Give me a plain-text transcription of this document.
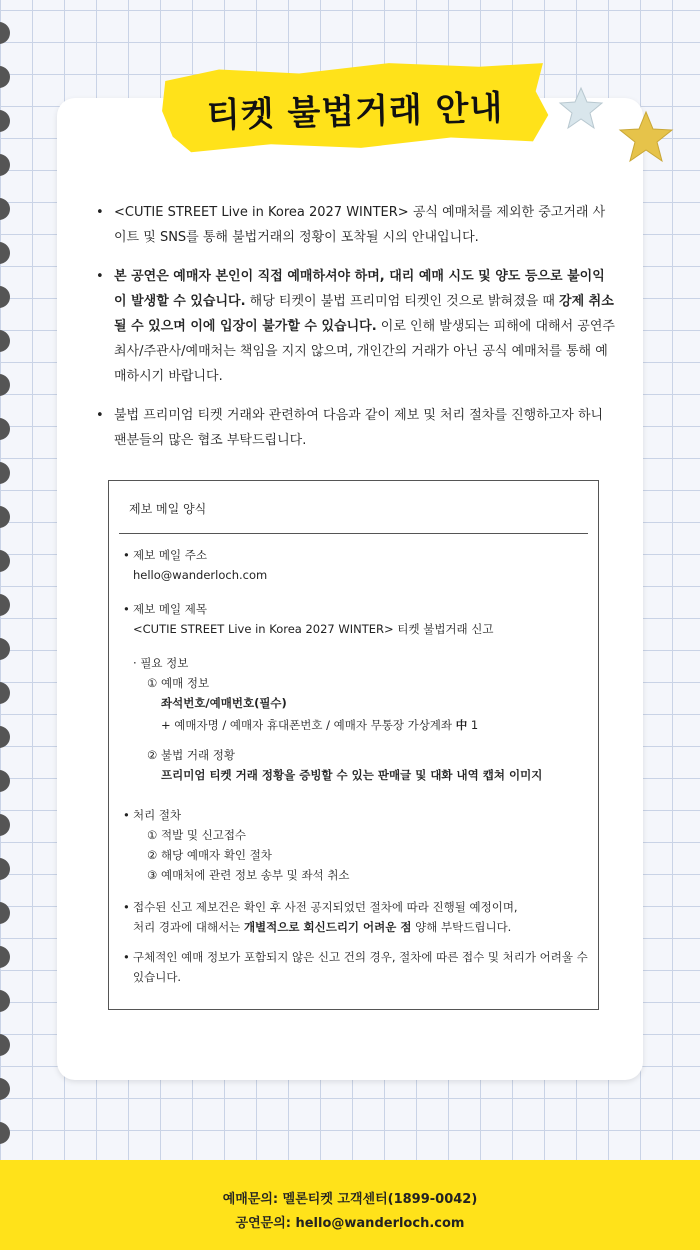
티켓 불법거래 안내

• <CUTIE STREET Live in Korea 2027 WINTER> 공식 예매처를 제외한 중고거래 사이트 및 SNS를 통해 불법거래의 정황이 포착될 시의 안내입니다.

• 본 공연은 예매자 본인이 직접 예매하셔야 하며, 대리 예매 시도 및 양도 등으로 불이익이 발생할 수 있습니다. 해당 티켓이 불법 프리미엄 티켓인 것으로 밝혀졌을 때 강제 취소될 수 있으며 이에 입장이 불가할 수 있습니다. 이로 인해 발생되는 피해에 대해서 공연주최사/주관사/예매처는 책임을 지지 않으며, 개인간의 거래가 아닌 공식 예매처를 통해 예매하시기 바랍니다.

• 불법 프리미엄 티켓 거래와 관련하여 다음과 같이 제보 및 처리 절차를 진행하고자 하니 팬분들의 많은 협조 부탁드립니다.

제보 메일 양식

• 제보 메일 주소
hello@wanderloch.com
• 제보 메일 제목
<CUTIE STREET Live in Korea 2027 WINTER> 티켓 불법거래 신고
· 필요 정보
① 예매 정보
좌석번호/예매번호(필수)
+ 예매자명 / 예매자 휴대폰번호 / 예매자 무통장 가상계좌 中 1
② 불법 거래 정황
프리미엄 티켓 거래 정황을 증빙할 수 있는 판매글 및 대화 내역 캡쳐 이미지
• 처리 절차
① 적발 및 신고접수
② 해당 예매자 확인 절차
③ 예매처에 관련 정보 송부 및 좌석 취소
• 접수된 신고 제보건은 확인 후 사전 공지되었던 절차에 따라 진행될 예정이며,
처리 경과에 대해서는 개별적으로 회신드리기 어려운 점 양해 부탁드립니다.
• 구체적인 예매 정보가 포함되지 않은 신고 건의 경우, 절차에 따른 접수 및 처리가 어려울 수 있습니다.

예매문의: 멜론티켓 고객센터(1899-0042)

공연문의: hello@wanderloch.com
